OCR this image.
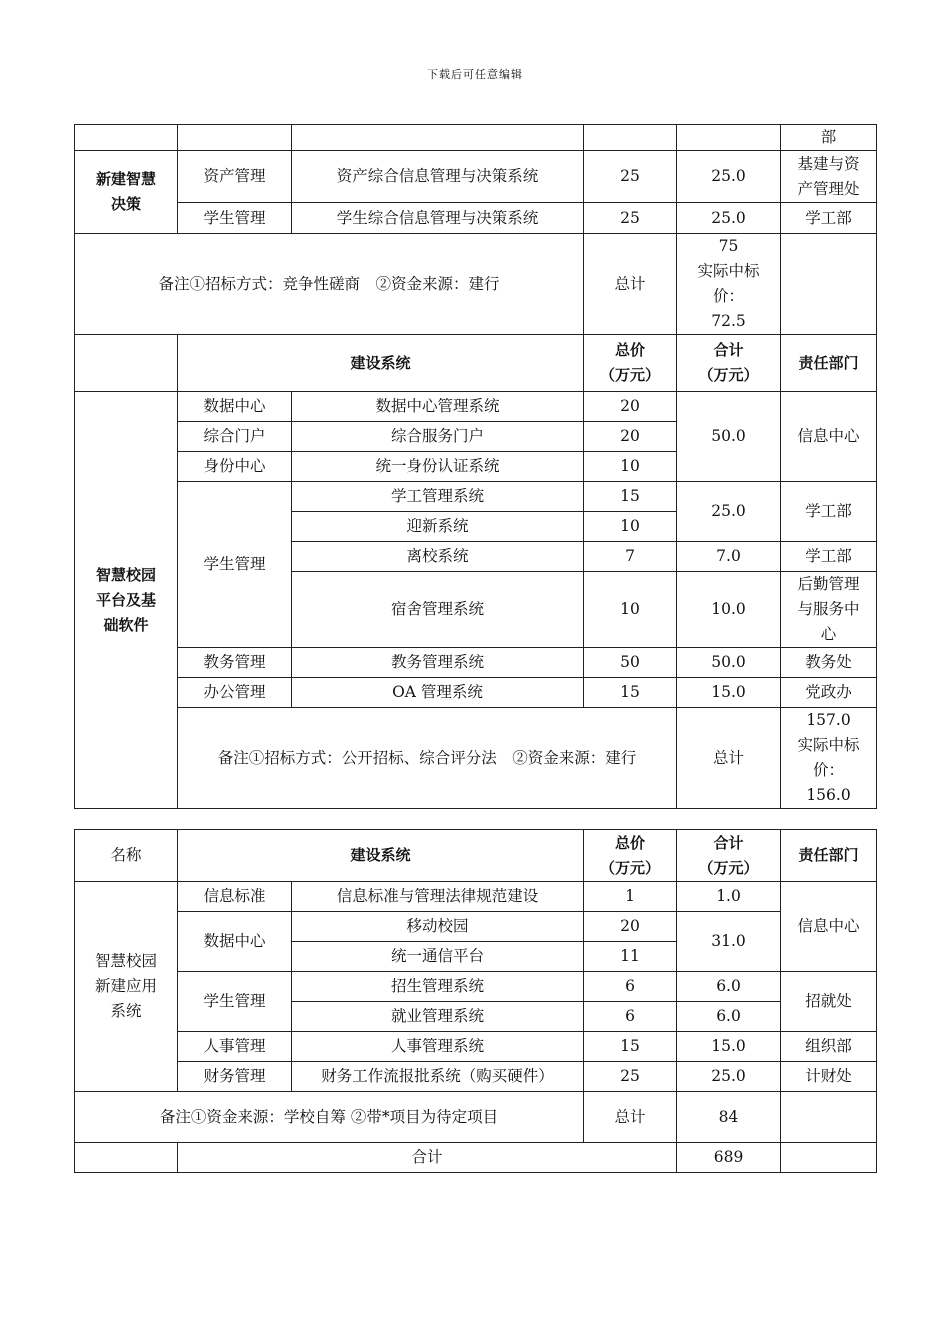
下载后可任意编辑
					部	
新建智慧
决策	资产管理	资产综合信息管理与决策系统	25	25.0	基建与资
产管理处	
	学生管理	学生综合信息管理与决策系统	25	25.0	学工部	
备注①招标方式：竞争性磋商　②资金来源：建行			总计	75
实际中标
价：
72.5		
	建设系统		总价
（万元）	合计
（万元）	责任部门	
智慧校园
平台及基
础软件	数据中心	数据中心管理系统	20	50.0	信息中心	
	综合门户	综合服务门户	20			
	身份中心	统一身份认证系统	10			
	学生管理	学工管理系统	15	25.0	学工部	
		迎新系统	10			
		离校系统	7	7.0	学工部	
		宿舍管理系统	10	10.0	后勤管理
与服务中
心	
	教务管理	教务管理系统	50	50.0	教务处	
	办公管理	OA 管理系统	15	15.0	党政办	
	备注①招标方式：公开招标、综合评分法　②资金来源：建行			总计	157.0
实际中标
价：
156.0	
名称	建设系统		总价
（万元）	合计
（万元）	责任部门
智慧校园
新建应用
系统	信息标准	信息标准与管理法律规范建设	1	1.0	信息中心
	数据中心	移动校园	20	31.0	
		统一通信平台	11		
	学生管理	招生管理系统	6	6.0	招就处
		就业管理系统	6	6.0	
	人事管理	人事管理系统	15	15.0	组织部
	财务管理	财务工作流报批系统（购买硬件）	25	25.0	计财处
备注①资金来源：学校自筹 ②带*项目为待定项目			总计	84	
	合计			689	
